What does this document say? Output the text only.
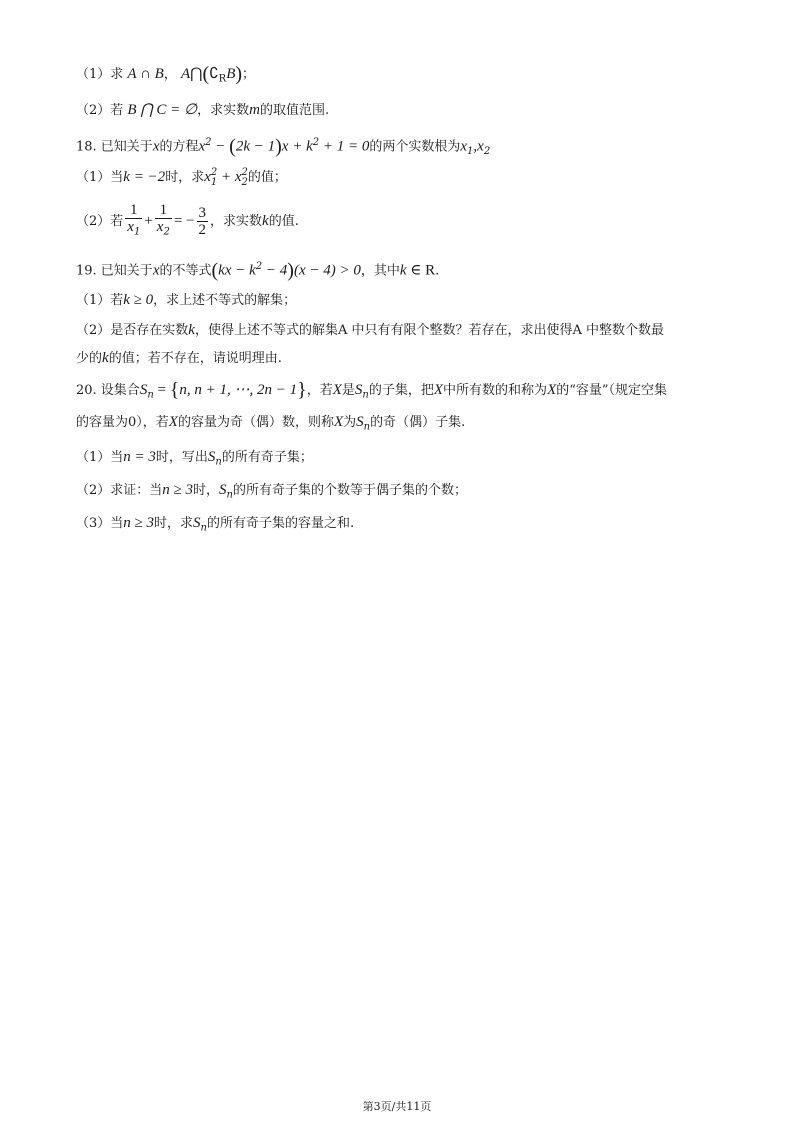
（1）求 A ∩ B， $A⋂(∁_RB)$；
（2）若 B ⋂ C = ∅，求实数m的取值范围.
18. 已知关于x的方程$x^2 - (2k - 1)x + k^2 + 1 = 0$的两个实数根为$x_1,x_2$
（1）当k = −2时，求x 2
1 + x 2
2 的值；
（2）若 $\frac{1}{x_1} + \frac{1}{x_2}$ = − $\frac{3}{2}$ ，求实数k的值.
19. 已知关于x的不等式$(kx - k^2 - 4)(x - 4) > 0$，其中k ∈ R.
（1）若k ≥ 0，求上述不等式的解集；
（2）是否存在实数k，使得上述不等式的解集A 中只有有限个整数？若存在，求出使得A 中整数个数最
少的k的值；若不存在，请说明理由.
20. 设集合$S_n = \{n$, n + 1, ⋯, 2n − 1}，若X是$S_n$的子集，把X中所有数的和称为X的“容量”（规定空集
的容量为0），若X的容量为奇（偶）数，则称X为$S_n$的奇（偶）子集.
（1）当n = 3时，写出$S_n$的所有奇子集；
（2）求证：当n ≥ 3时，$S_n$的所有奇子集的个数等于偶子集的个数；
（3）当n ≥ 3时，求$S_n$的所有奇子集的容量之和.
第3页/共11页
